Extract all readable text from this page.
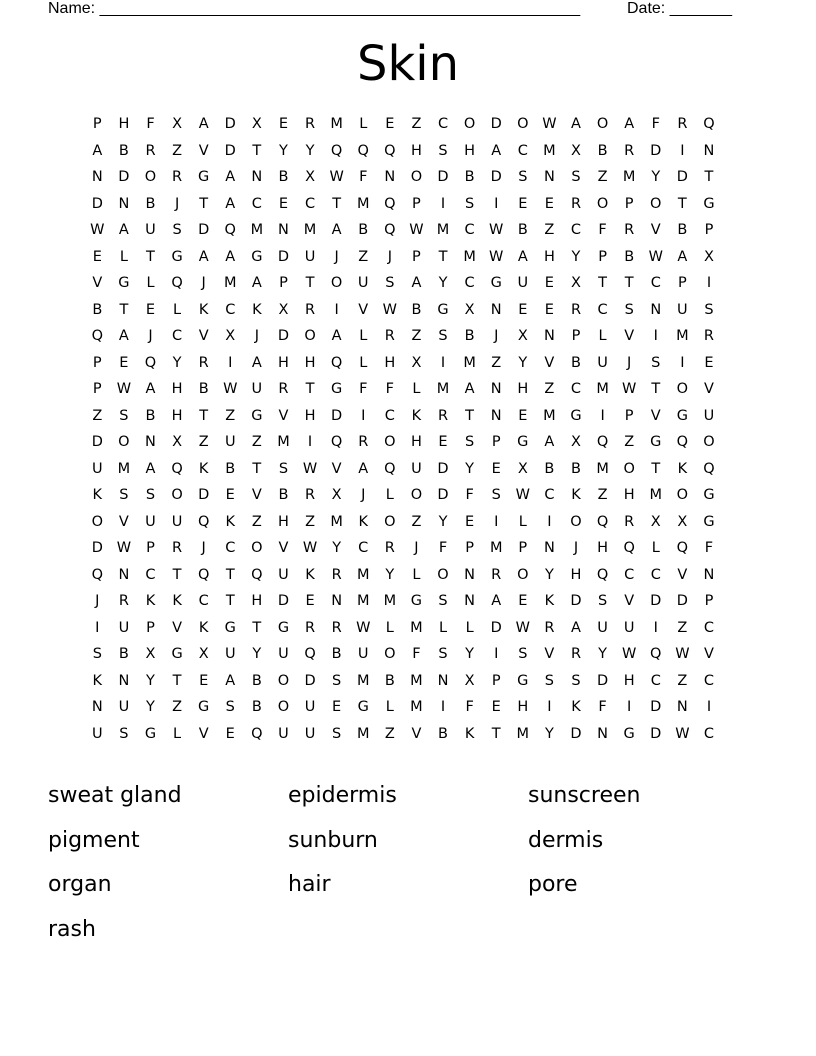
Name: ______________________________________________________	Date: _______
Skin
P	H	F	X	A	D	X	E	R	M	L	E	Z	C	O	D	O W A	O	A	F	R	Q
A	B	R	Z	V	D	T	Y	Y	Q	Q	Q	H	S	H	A	C	M	X	B	R	D	I	N
N	D	O	R	G	A	N	B	X W	F	N	O	D	B	D	S	N	S	Z	M	Y	D	T
D	N	B	J	T	A	C	E	C	T	M	Q	P	I	S	I	E	E	R	O	P	O	T	G
W A	U	S	D	Q	M	N	M	A	B	Q W M	C W B	Z	C	F	R	V	B	P
E	L	T	G	A	A	G	D	U	J	Z	J	P	T	M W A	H	Y	P	B W A	X
V	G	L	Q	J	M	A	P	T	O	U	S	A	Y	C	G	U	E	X	T	T	C	P	I
B	T	E	L	K	C	K	X	R	I	V W B	G	X	N	E	E	R	C	S	N	U	S
Q	A	J	C	V	X	J	D	O	A	L	R	Z	S	B	J	X	N	P	L	V	I	M	R
P	E	Q	Y	R	I	A	H	H	Q	L	H	X	I	M	Z	Y	V	B	U	J	S	I	E
P	W A	H	B W U	R	T	G	F	F	L	M	A	N	H	Z	C	M W	T	O	V
Z	S	B	H	T	Z	G	V	H	D	I	C	K	R	T	N	E	M	G	I	P	V	G	U
D	O	N	X	Z	U	Z	M	I	Q	R	O	H	E	S	P	G	A	X	Q	Z	G	Q	O
U	M	A	Q	K	B	T	S	W V	A	Q	U	D	Y	E	X	B	B	M	O	T	K	Q
K	S	S	O	D	E	V	B	R	X	J	L	O	D	F	S	W C	K	Z	H	M	O	G
O	V	U	U	Q	K	Z	H	Z	M	K	O	Z	Y	E	I	L	I	O	Q	R	X	X	G
D W	P	R	J	C	O	V W	Y	C	R	J	F	P	M	P	N	J	H	Q	L	Q	F
Q	N	C	T	Q	T	Q	U	K	R	M	Y	L	O	N	R	O	Y	H	Q	C	C	V	N
J	R	K	K	C	T	H	D	E	N	M M	G	S	N	A	E	K	D	S	V	D	D	P
I	U	P	V	K	G	T	G	R	R W	L	M	L	L	D W R	A	U	U	I	Z	C
S	B	X	G	X	U	Y	U	Q	B	U	O	F	S	Y	I	S	V	R	Y	W Q W V
K	N	Y	T	E	A	B	O	D	S	M	B	M	N	X	P	G	S	S	D	H	C	Z	C
N	U	Y	Z	G	S	B	O	U	E	G	L	M	I	F	E	H	I	K	F	I	D	N	I
U	S	G	L	V	E	Q	U	U	S	M	Z	V	B	K	T	M	Y	D	N	G	D W C
sweat gland	epidermis	sunscreen
pigment	sunburn	dermis
organ	hair	pore
rash
